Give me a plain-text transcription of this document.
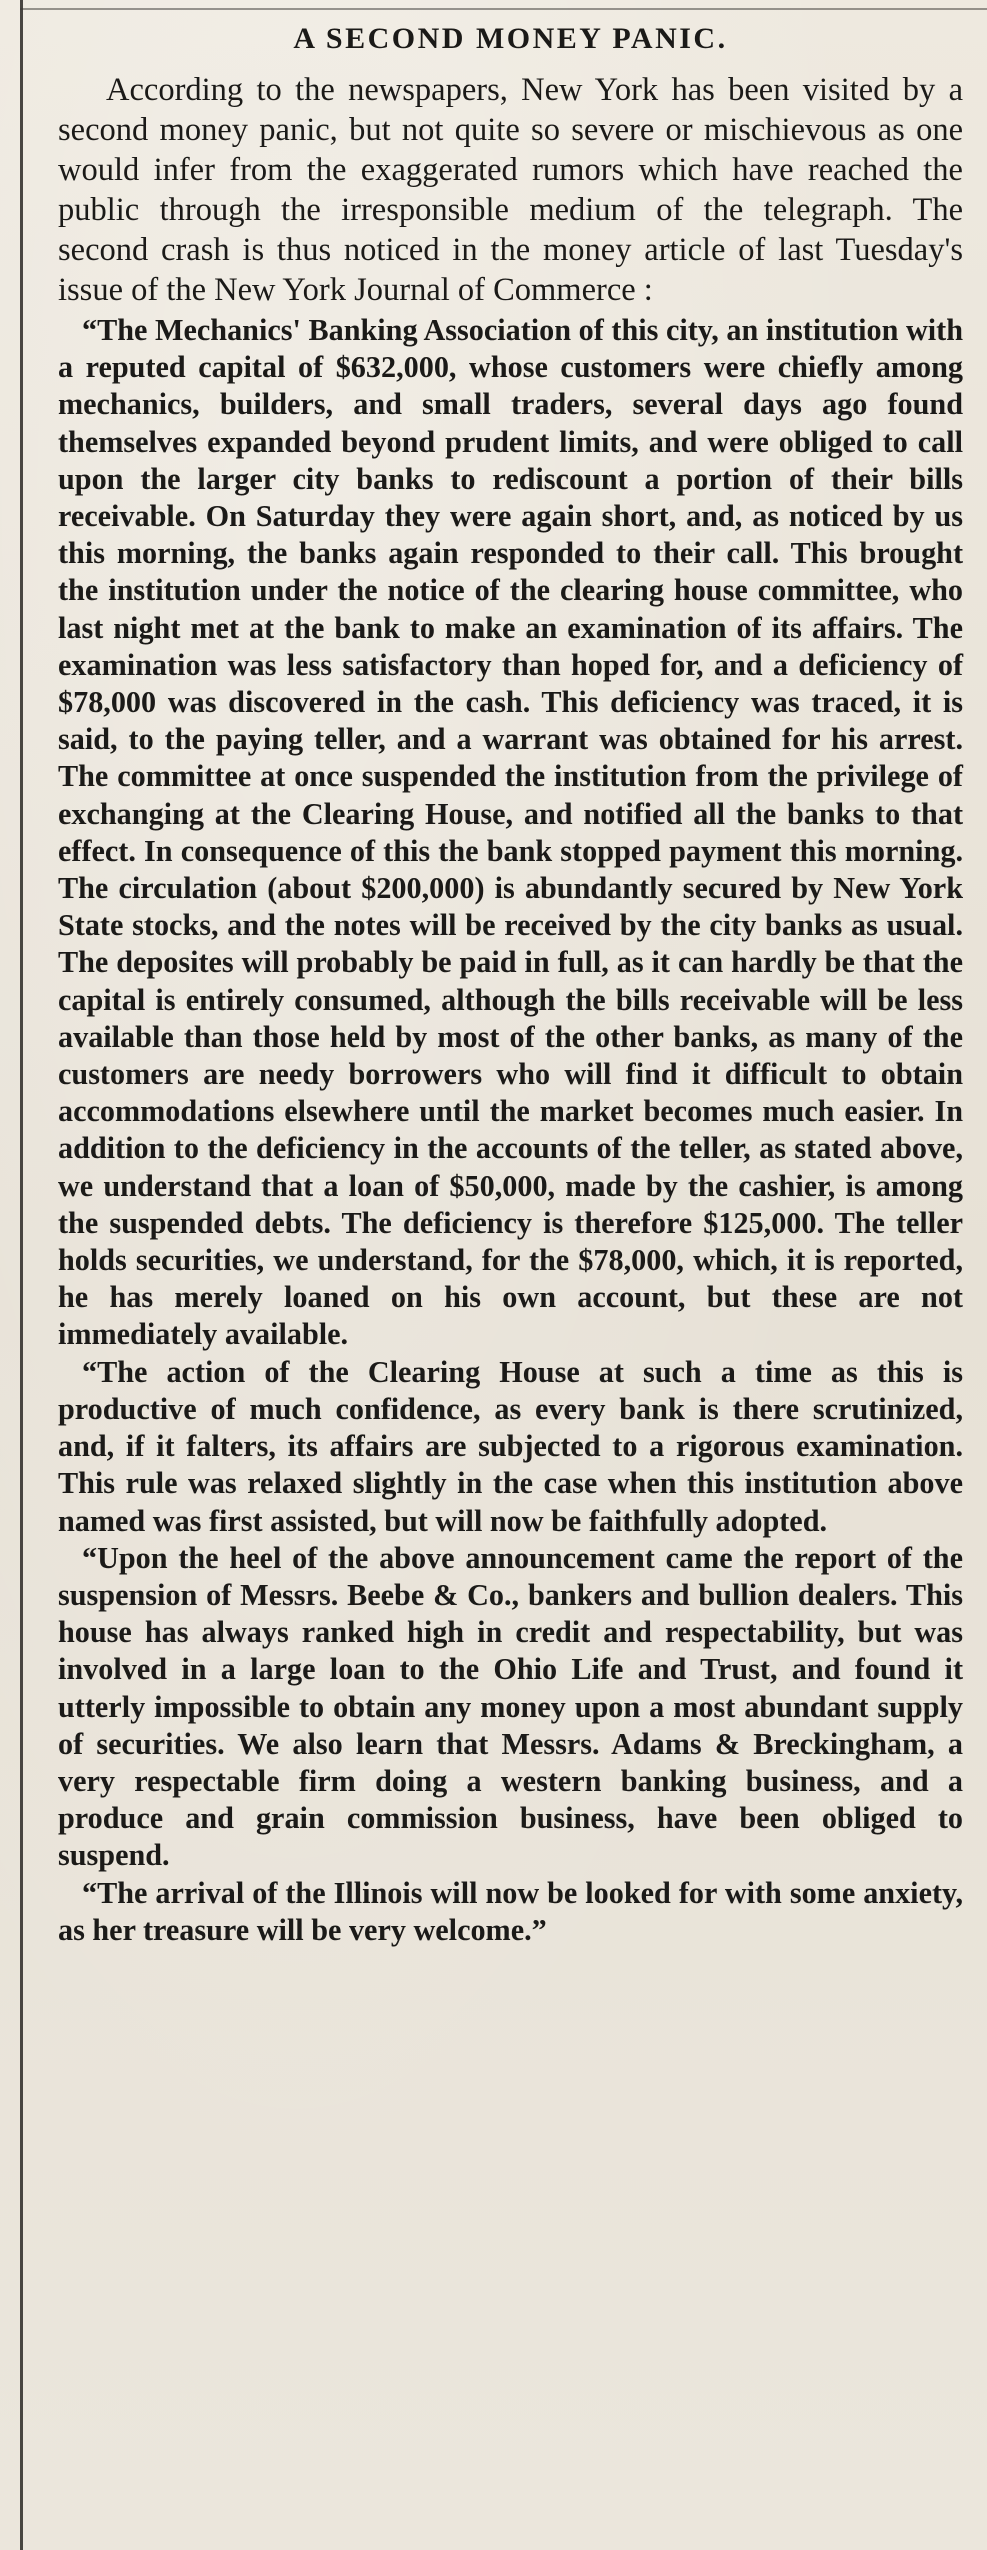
A SECOND MONEY PANIC.

According to the newspapers, New York has been visited by a second money panic, but not quite so severe or mischievous as one would infer from the exaggerated rumors which have reached the public through the irresponsible medium of the telegraph. The second crash is thus noticed in the money article of last Tuesday's issue of the New York Journal of Commerce :

“The Mechanics' Banking Association of this city, an institution with a reputed capital of $632,000, whose customers were chiefly among mechanics, builders, and small traders, several days ago found themselves expanded beyond prudent limits, and were obliged to call upon the larger city banks to rediscount a portion of their bills receivable. On Saturday they were again short, and, as noticed by us this morning, the banks again responded to their call. This brought the institution under the notice of the clearing house committee, who last night met at the bank to make an examination of its affairs. The examination was less satisfactory than hoped for, and a deficiency of $78,000 was discovered in the cash. This deficiency was traced, it is said, to the paying teller, and a warrant was obtained for his arrest. The committee at once suspended the institution from the privilege of exchanging at the Clearing House, and notified all the banks to that effect. In consequence of this the bank stopped payment this morning. The circulation (about $200,000) is abundantly secured by New York State stocks, and the notes will be received by the city banks as usual. The deposites will probably be paid in full, as it can hardly be that the capital is entirely consumed, although the bills receivable will be less available than those held by most of the other banks, as many of the customers are needy borrowers who will find it difficult to obtain accommodations elsewhere until the market becomes much easier. In addition to the deficiency in the accounts of the teller, as stated above, we understand that a loan of $50,000, made by the cashier, is among the suspended debts. The deficiency is therefore $125,000. The teller holds securities, we understand, for the $78,000, which, it is reported, he has merely loaned on his own account, but these are not immediately available.

“The action of the Clearing House at such a time as this is productive of much confidence, as every bank is there scrutinized, and, if it falters, its affairs are subjected to a rigorous examination. This rule was relaxed slightly in the case when this institution above named was first assisted, but will now be faithfully adopted.

“Upon the heel of the above announcement came the report of the suspension of Messrs. Beebe & Co., bankers and bullion dealers. This house has always ranked high in credit and respectability, but was involved in a large loan to the Ohio Life and Trust, and found it utterly impossible to obtain any money upon a most abundant supply of securities. We also learn that Messrs. Adams & Breckingham, a very respectable firm doing a western banking business, and a produce and grain commission business, have been obliged to suspend.

“The arrival of the Illinois will now be looked for with some anxiety, as her treasure will be very welcome.”
